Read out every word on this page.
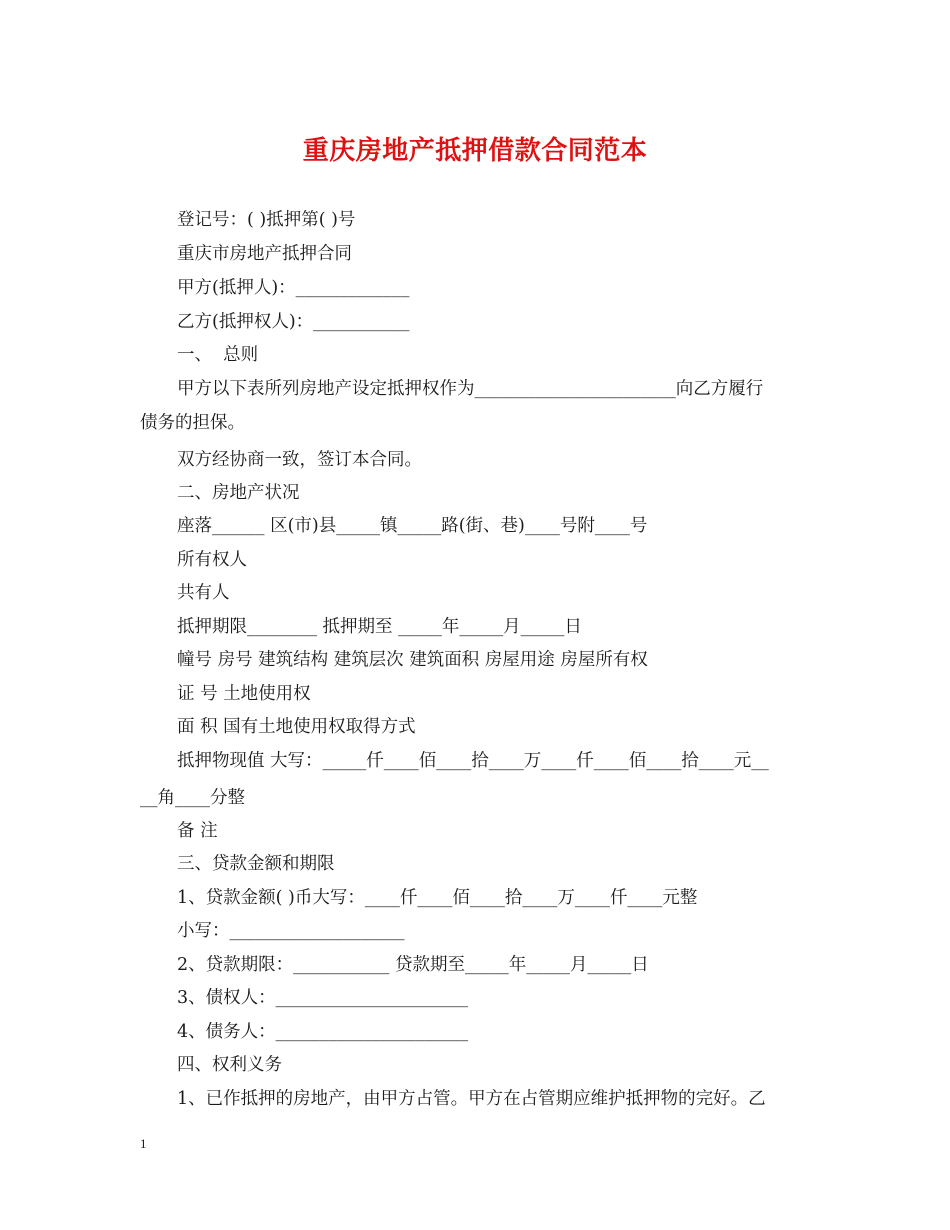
重庆房地产抵押借款合同范本
登记号：( )抵押第( )号
重庆市房地产抵押合同
甲方(抵押人)：_____________
乙方(抵押权人)：___________
一、  总则
甲方以下表所列房地产设定抵押权作为_______________________向乙方履行
债务的担保。
双方经协商一致，签订本合同。
二、房地产状况
座落______ 区(市)县_____镇_____路(街、巷)____号附____号
所有权人
共有人
抵押期限________ 抵押期至 _____年_____月_____日
幢号 房号 建筑结构 建筑层次 建筑面积 房屋用途 房屋所有权
证 号 土地使用权
面 积 国有土地使用权取得方式
抵押物现值 大写：_____仟____佰____拾____万____仟____佰____拾____元__
__角____分整
备 注
三、贷款金额和期限
1、贷款金额( )币大写：____仟____佰____拾____万____仟____元整
小写：____________________
2、贷款期限：___________ 贷款期至_____年_____月_____日
3、债权人：______________________
4、债务人：______________________
四、权利义务
1、已作抵押的房地产，由甲方占管。甲方在占管期应维护抵押物的完好。乙
1
